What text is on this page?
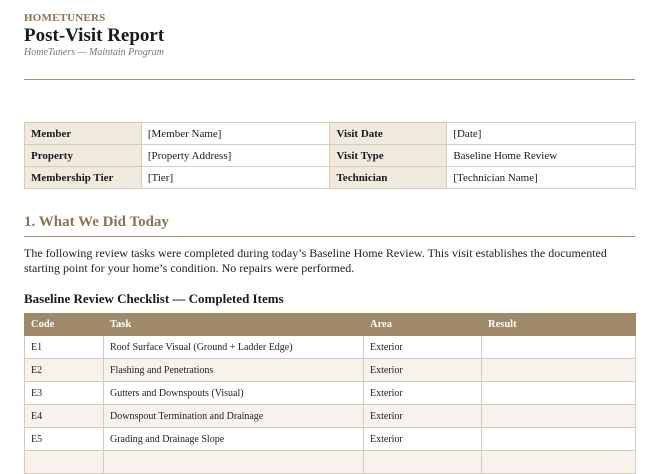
HOMETUNERS
Post-Visit Report
HomeTuners — Maintain Program
Member	[Member Name]	Visit Date	[Date]
Property	[Property Address]	Visit Type	Baseline Home Review
Membership Tier	[Tier]	Technician	[Technician Name]
1. What We Did Today
The following review tasks were completed during today’s Baseline Home Review. This visit establishes the documented starting point for your home’s condition. No repairs were performed.
Baseline Review Checklist — Completed Items
Code	Task	Area	Result
E1	Roof Surface Visual (Ground + Ladder Edge)	Exterior	
E2	Flashing and Penetrations	Exterior	
E3	Gutters and Downspouts (Visual)	Exterior	
E4	Downspout Termination and Drainage	Exterior	
E5	Grading and Drainage Slope	Exterior	
